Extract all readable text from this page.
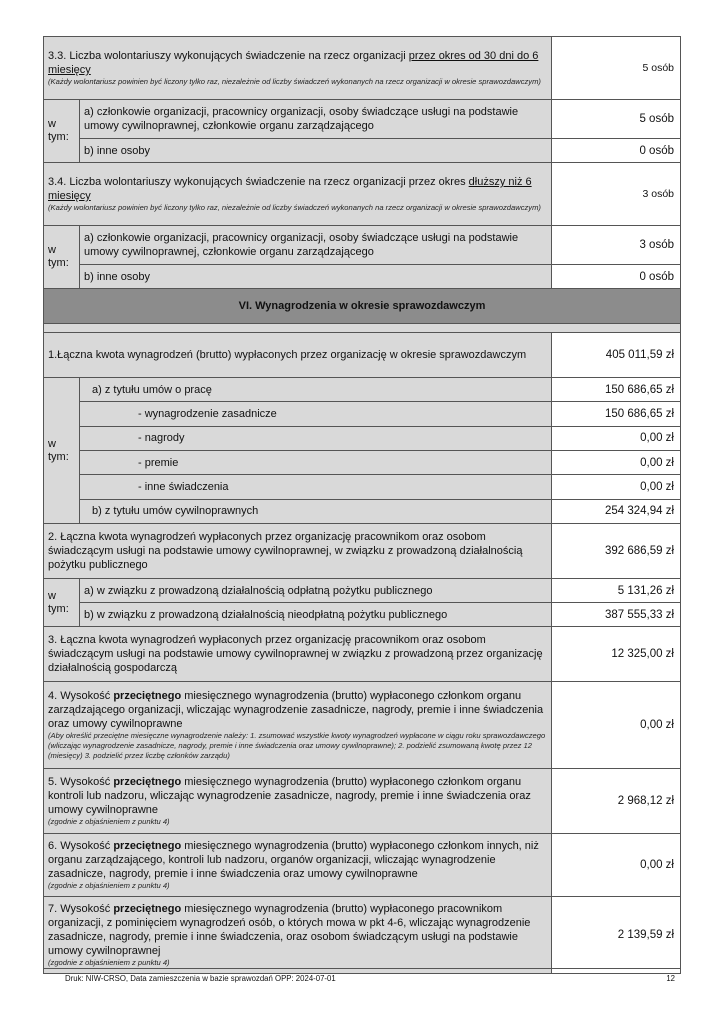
3.3. Liczba wolontariuszy wykonujących świadczenie na rzecz organizacji przez okres od 30 dni do 6 miesięcy
(Każdy wolontariusz powinien być liczony tylko raz, niezależnie od liczby świadczeń wykonanych na rzecz organizacji w okresie sprawozdawczym)
5 osób
w tym:
a) członkowie organizacji, pracownicy organizacji, osoby świadczące usługi na podstawie umowy cywilnoprawnej, członkowie organu zarządzającego
5 osób
b) inne osoby	0 osób
3.4. Liczba wolontariuszy wykonujących świadczenie na rzecz organizacji przez okres dłuższy niż 6 miesięcy
(Każdy wolontariusz powinien być liczony tylko raz, niezależnie od liczby świadczeń wykonanych na rzecz organizacji w okresie sprawozdawczym)
3 osób
w tym:
a) członkowie organizacji, pracownicy organizacji, osoby świadczące usługi na podstawie umowy cywilnoprawnej, członkowie organu zarządzającego
3 osób
b) inne osoby	0 osób
VI. Wynagrodzenia w okresie sprawozdawczym
1.Łączna kwota wynagrodzeń (brutto) wypłaconych przez organizację w okresie sprawozdawczym	405 011,59 zł
w tym:
a) z tytułu umów o pracę	150 686,65 zł
- wynagrodzenie zasadnicze	150 686,65 zł
- nagrody	0,00 zł
- premie	0,00 zł
- inne świadczenia	0,00 zł
b) z tytułu umów cywilnoprawnych	254 324,94 zł
2. Łączna kwota wynagrodzeń wypłaconych przez organizację pracownikom oraz osobom świadczącym usługi na podstawie umowy cywilnoprawnej, w związku z prowadzoną działalnością pożytku publicznego
392 686,59 zł
w tym:
a) w związku z prowadzoną działalnością odpłatną pożytku publicznego	5 131,26 zł
b) w związku z prowadzoną działalnością nieodpłatną pożytku publicznego	387 555,33 zł
3. Łączna kwota wynagrodzeń wypłaconych przez organizację pracownikom oraz osobom świadczącym usługi na podstawie umowy cywilnoprawnej w związku z prowadzoną przez organizację działalnością gospodarczą
12 325,00 zł
4. Wysokość przeciętnego miesięcznego wynagrodzenia (brutto) wypłaconego członkom organu zarządzającego organizacji, wliczając wynagrodzenie zasadnicze, nagrody, premie i inne świadczenia oraz umowy cywilnoprawne
(Aby określić przeciętne miesięczne wynagrodzenie należy: 1. zsumować wszystkie kwoty wynagrodzeń wypłacone w ciągu roku sprawozdawczego (wliczając wynagrodzenie zasadnicze, nagrody, premie i inne świadczenia oraz umowy cywilnoprawne); 2. podzielić zsumowaną kwotę przez 12 (miesięcy) 3. podzielić przez liczbę członków zarządu)
0,00 zł
5. Wysokość przeciętnego miesięcznego wynagrodzenia (brutto) wypłaconego członkom organu kontroli lub nadzoru, wliczając wynagrodzenie zasadnicze, nagrody, premie i inne świadczenia oraz umowy cywilnoprawne
(zgodnie z objaśnieniem z punktu 4)
2 968,12 zł
6. Wysokość przeciętnego miesięcznego wynagrodzenia (brutto) wypłaconego członkom innych, niż organu zarządzającego, kontroli lub nadzoru, organów organizacji, wliczając wynagrodzenie zasadnicze, nagrody, premie i inne świadczenia oraz umowy cywilnoprawne
(zgodnie z objaśnieniem z punktu 4)
0,00 zł
7. Wysokość przeciętnego miesięcznego wynagrodzenia (brutto) wypłaconego pracownikom organizacji, z pominięciem wynagrodzeń osób, o których mowa w pkt 4-6, wliczając wynagrodzenie zasadnicze, nagrody, premie i inne świadczenia, oraz osobom świadczącym usługi na podstawie umowy cywilnoprawnej
(zgodnie z objaśnieniem z punktu 4)
2 139,59 zł
Druk: NIW-CRSO, Data zamieszczenia w bazie sprawozdań OPP: 2024-07-01	12
